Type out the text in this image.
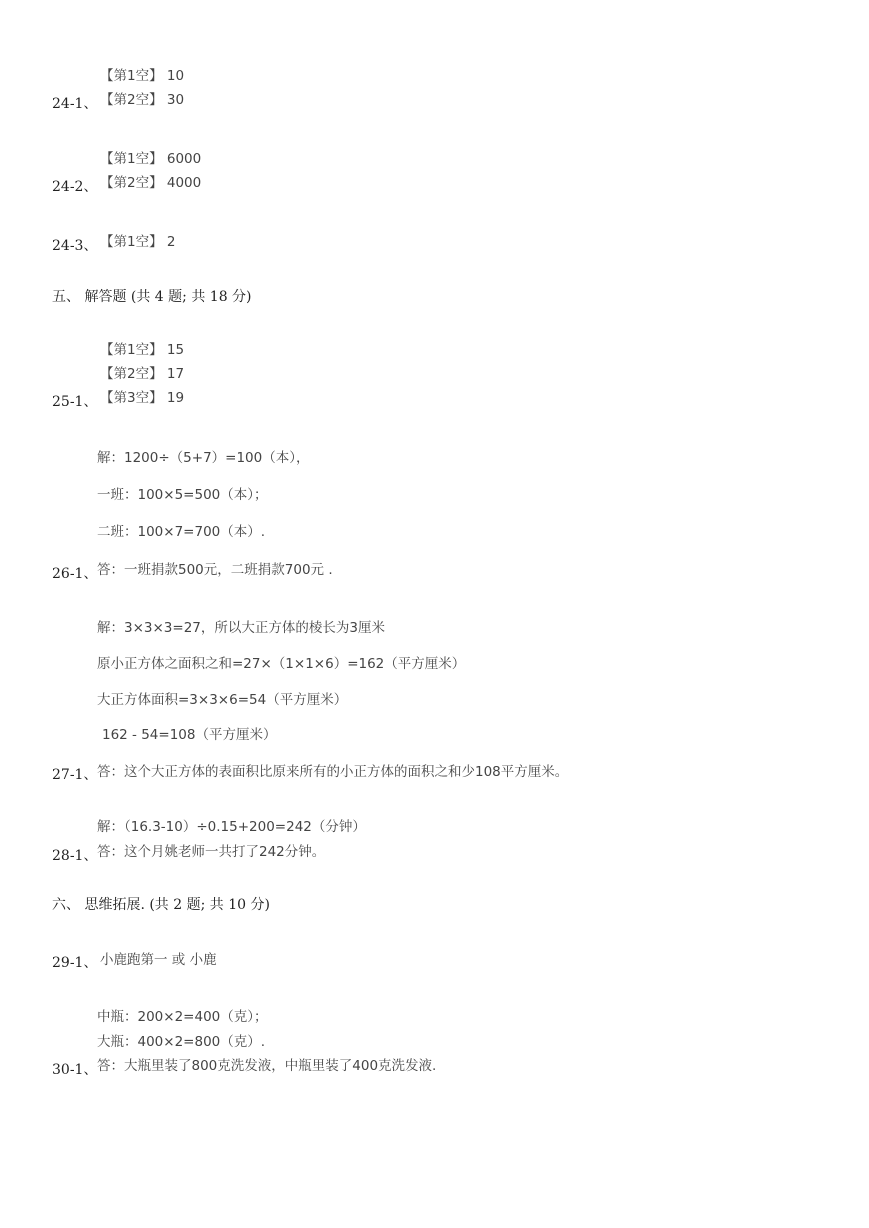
【第1空】 10
【第2空】 30
24-1、
【第1空】 6000
【第2空】 4000
24-2、
【第1空】 2
24-3、
五、 解答题 (共 4 题; 共 18 分)
【第1空】 15
【第2空】 17
【第3空】 19
25-1、
解：1200÷（5+7）=100（本），
一班：100×5=500（本）；
二班：100×7=700（本）.
答：一班捐款500元，二班捐款700元 .
26-1、
解：3×3×3=27，所以大正方体的棱长为3厘米
原小正方体之面积之和=27×（1×1×6）=162（平方厘米）
大正方体面积=3×3×6=54（平方厘米）
162 - 54=108（平方厘米）
答：这个大正方体的表面积比原来所有的小正方体的面积之和少108平方厘米。
27-1、
解：（16.3-10）÷0.15+200=242（分钟）
答：这个月姚老师一共打了242分钟。
28-1、
六、 思维拓展. (共 2 题; 共 10 分)
小鹿跑第一 或 小鹿
29-1、
中瓶：200×2=400（克）；
大瓶：400×2=800（克）.
答：大瓶里装了800克洗发液，中瓶里装了400克洗发液.
30-1、
